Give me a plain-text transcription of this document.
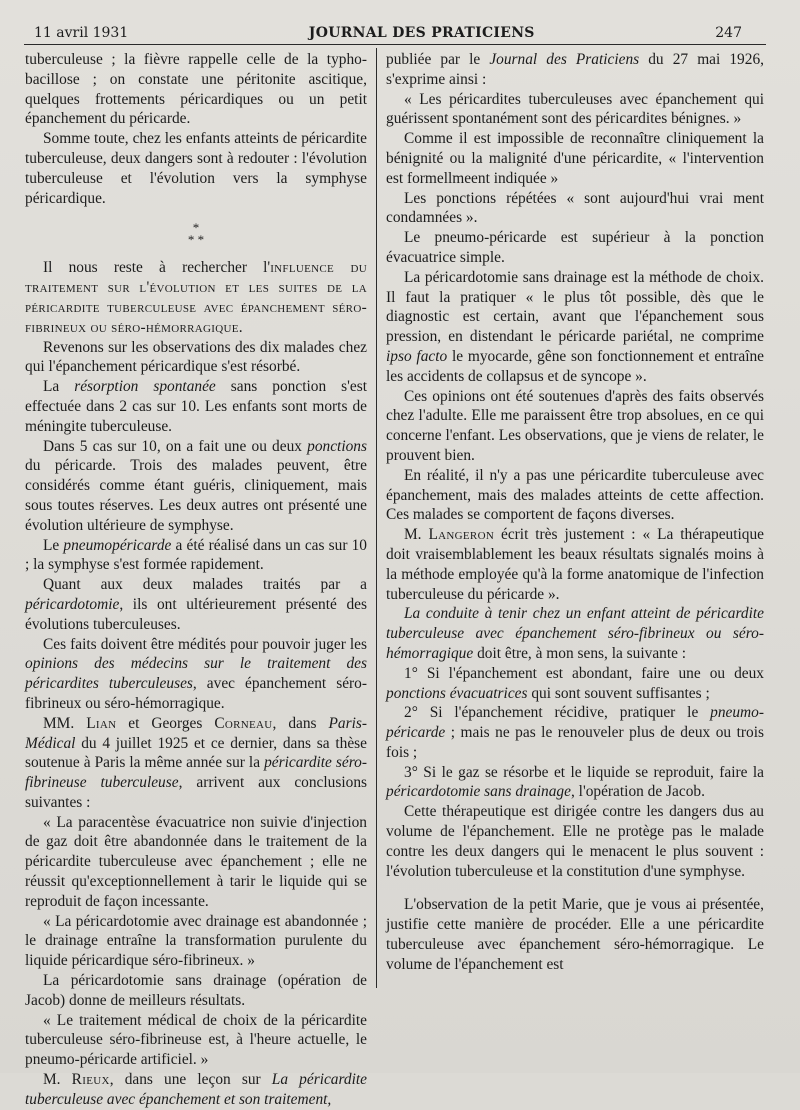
11 avril 1931	JOURNAL DES PRATICIENS	247

tuberculeuse ; la fièvre rappelle celle de la typho-bacillose ; on constate une péritonite ascitique, quelques frottements péricardiques ou un petit épanchement du péricarde.

Somme toute, chez les enfants atteints de péricardite tuberculeuse, deux dangers sont à redouter : l'évolution tuberculeuse et l'évolution vers la symphyse péricardique.

*
* *

Il nous reste à rechercher l'influence du traitement sur l'évolution et les suites de la péricardite tuberculeuse avec épanchement séro-fibrineux ou séro-hémorragique.

Revenons sur les observations des dix malades chez qui l'épanchement péricardique s'est résorbé.

La résorption spontanée sans ponction s'est effectuée dans 2 cas sur 10. Les enfants sont morts de méningite tuberculeuse.

Dans 5 cas sur 10, on a fait une ou deux ponctions du péricarde. Trois des malades peuvent, être considérés comme étant guéris, cliniquement, mais sous toutes réserves. Les deux autres ont présenté une évolution ultérieure de symphyse.

Le pneumopéricarde a été réalisé dans un cas sur 10 ; la symphyse s'est formée rapidement.

Quant aux deux malades traités par a péricardotomie, ils ont ultérieurement présenté des évolutions tuberculeuses.

Ces faits doivent être médités pour pouvoir juger les opinions des médecins sur le traitement des péricardites tuberculeuses, avec épanchement séro-fibrineux ou séro-hémorragique.

MM. Lian et Georges Corneau, dans Paris-Médical du 4 juillet 1925 et ce dernier, dans sa thèse soutenue à Paris la même année sur la péricardite séro-fibrineuse tuberculeuse, arrivent aux conclusions suivantes :

« La paracentèse évacuatrice non suivie d'injection de gaz doit être abandonnée dans le traitement de la péricardite tuberculeuse avec épanchement ; elle ne réussit qu'exceptionnellement à tarir le liquide qui se reproduit de façon incessante.

« La péricardotomie avec drainage est abandonnée ; le drainage entraîne la transformation purulente du liquide péricardique séro-fibrineux. »

La péricardotomie sans drainage (opération de Jacob) donne de meilleurs résultats.

« Le traitement médical de choix de la péricardite tuberculeuse séro-fibrineuse est, à l'heure actuelle, le pneumo-péricarde artificiel. »

M. Rieux, dans une leçon sur La péricardite tuberculeuse avec épanchement et son traitement,

publiée par le Journal des Praticiens du 27 mai 1926, s'exprime ainsi :

« Les péricardites tuberculeuses avec épanchement qui guérissent spontanément sont des péricardites bénignes. »

Comme il est impossible de reconnaître cliniquement la bénignité ou la malignité d'une péricardite, « l'intervention est formellmeent indiquée »

Les ponctions répétées « sont aujourd'hui vrai ment condamnées ».

Le pneumo-péricarde est supérieur à la ponction évacuatrice simple.

La péricardotomie sans drainage est la méthode de choix. Il faut la pratiquer « le plus tôt possible, dès que le diagnostic est certain, avant que l'épanchement sous pression, en distendant le péricarde pariétal, ne comprime ipso facto le myocarde, gêne son fonctionnement et entraîne les accidents de collapsus et de syncope ».

Ces opinions ont été soutenues d'après des faits observés chez l'adulte. Elle me paraissent être trop absolues, en ce qui concerne l'enfant. Les observations, que je viens de relater, le prouvent bien.

En réalité, il n'y a pas une péricardite tuberculeuse avec épanchement, mais des malades atteints de cette affection. Ces malades se comportent de façons diverses.

M. Langeron écrit très justement : « La thérapeutique doit vraisemblablement les beaux résultats signalés moins à la méthode employée qu'à la forme anatomique de l'infection tuberculeuse du péricarde ».

La conduite à tenir chez un enfant atteint de péricardite tuberculeuse avec épanchement séro-fibrineux ou séro-hémorragique doit être, à mon sens, la suivante :

1° Si l'épanchement est abondant, faire une ou deux ponctions évacuatrices qui sont souvent suffisantes ;

2° Si l'épanchement récidive, pratiquer le pneumo-péricarde ; mais ne pas le renouveler plus de deux ou trois fois ;

3° Si le gaz se résorbe et le liquide se reproduit, faire la péricardotomie sans drainage, l'opération de Jacob.

Cette thérapeutique est dirigée contre les dangers dus au volume de l'épanchement. Elle ne protège pas le malade contre les deux dangers qui le menacent le plus souvent : l'évolution tuberculeuse et la constitution d'une symphyse.

L'observation de la petit Marie, que je vous ai présentée, justifie cette manière de procéder. Elle a une péricardite tuberculeuse avec épanchement séro-hémorragique. Le volume de l'épanchement est
